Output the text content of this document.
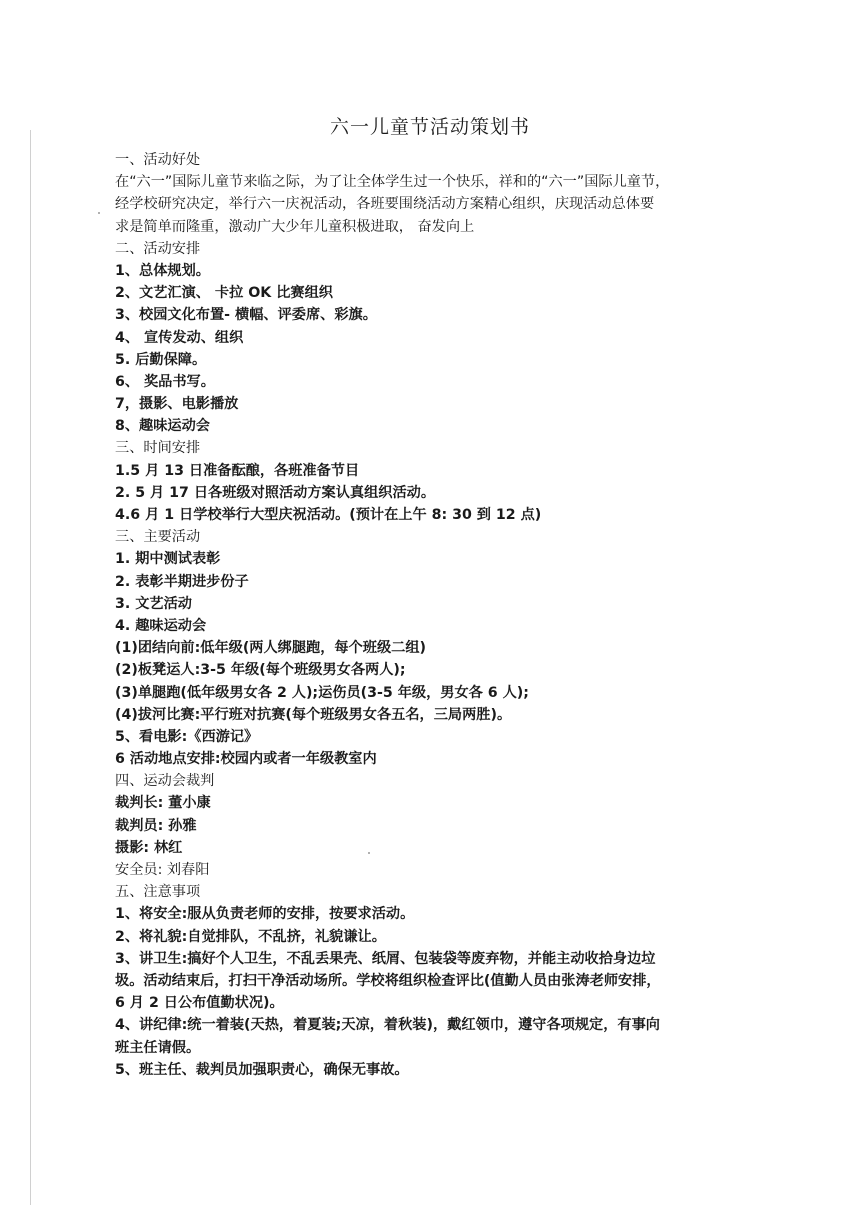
六一儿童节活动策划书
一、活动好处
在“六一”国际儿童节来临之际，为了让全体学生过一个快乐，祥和的“六一”国际儿童节，
经学校研究决定，举行六一庆祝活动，各班要围绕活动方案精心组织，庆现活动总体要
求是简单而隆重，激动广大少年儿童积极进取， 奋发向上
二、活动安排
1、总体规划。
2、文艺汇演、 卡拉 OK 比赛组织
3、校园文化布置- 横幅、评委席、彩旗。
4、 宣传发动、组织
5. 后勤保障。
6、 奖品书写。
7，摄影、电影播放
8、趣味运动会
三、时间安排
1.5 月 13 日准备酝酿，各班准备节目
2. 5 月 17 日各班级对照活动方案认真组织活动。
4.6 月 1 日学校举行大型庆祝活动。(预计在上午 8: 30 到 12 点)
三、主要活动
1. 期中测试表彰
2. 表彰半期进步份子
3. 文艺活动
4. 趣味运动会
(1)团结向前:低年级(两人绑腿跑，每个班级二组)
(2)板凳运人:3-5 年级(每个班级男女各两人);
(3)单腿跑(低年级男女各 2 人);运伤员(3-5 年级，男女各 6 人);
(4)拔河比赛:平行班对抗赛(每个班级男女各五名，三局两胜)。
5、看电影:《西游记》
6 活动地点安排:校园内或者一年级教室内
四、运动会裁判
裁判长: 董小康
裁判员: 孙雅
摄影: 林红
安全员: 刘春阳
五、注意事项
1、将安全:服从负责老师的安排，按要求活动。
2、将礼貌:自觉排队，不乱挤，礼貌谦让。
3、讲卫生:搞好个人卫生，不乱丢果壳、纸屑、包装袋等废弃物，并能主动收拾身边垃
圾。活动结束后，打扫干净活动场所。学校将组织检查评比(值勤人员由张涛老师安排，
6 月 2 日公布值勤状况)。
4、讲纪律:统一着装(天热，着夏装;天凉，着秋装)，戴红领巾，遵守各项规定，有事向
班主任请假。
5、班主任、裁判员加强职责心，确保无事故。
